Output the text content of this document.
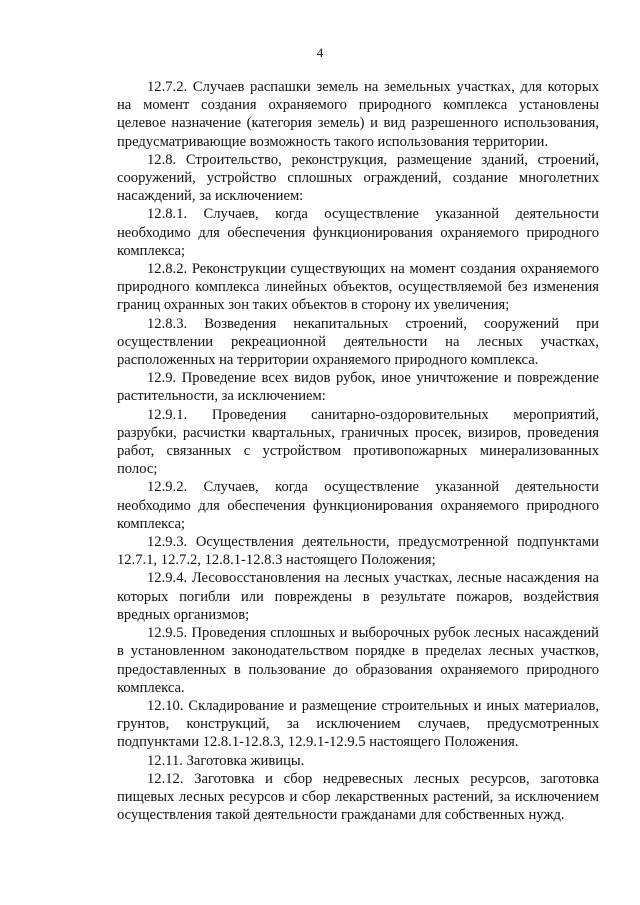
4

12.7.2. Случаев распашки земель на земельных участках, для которых на момент создания охраняемого природного комплекса установлены целевое назначение (категория земель) и вид разрешенного использования, предусматривающие возможность такого использования территории.

12.8. Строительство, реконструкция, размещение зданий, строений, сооружений, устройство сплошных ограждений, создание многолетних насаждений, за исключением:

12.8.1. Случаев, когда осуществление указанной деятельности необходимо для обеспечения функционирования охраняемого природного комплекса;

12.8.2. Реконструкции существующих на момент создания охраняемого природного комплекса линейных объектов, осуществляемой без изменения границ охранных зон таких объектов в сторону их увеличения;

12.8.3. Возведения некапитальных строений, сооружений при осуществлении рекреационной деятельности на лесных участках, расположенных на территории охраняемого природного комплекса.

12.9. Проведение всех видов рубок, иное уничтожение и повреждение растительности, за исключением:

12.9.1. Проведения санитарно-оздоровительных мероприятий, разрубки, расчистки квартальных, граничных просек, визиров, проведения работ, связанных с устройством противопожарных минерализованных полос;

12.9.2. Случаев, когда осуществление указанной деятельности необходимо для обеспечения функционирования охраняемого природного комплекса;

12.9.3. Осуществления деятельности, предусмотренной подпунктами 12.7.1, 12.7.2, 12.8.1-12.8.3 настоящего Положения;

12.9.4. Лесовосстановления на лесных участках, лесные насаждения на которых погибли или повреждены в результате пожаров, воздействия вредных организмов;

12.9.5. Проведения сплошных и выборочных рубок лесных насаждений в установленном законодательством порядке в пределах лесных участков, предоставленных в пользование до образования охраняемого природного комплекса.

12.10. Складирование и размещение строительных и иных материалов, грунтов, конструкций, за исключением случаев, предусмотренных подпунктами 12.8.1-12.8.3, 12.9.1-12.9.5 настоящего Положения.

12.11. Заготовка живицы.

12.12. Заготовка и сбор недревесных лесных ресурсов, заготовка пищевых лесных ресурсов и сбор лекарственных растений, за исключением осуществления такой деятельности гражданами для собственных нужд.
